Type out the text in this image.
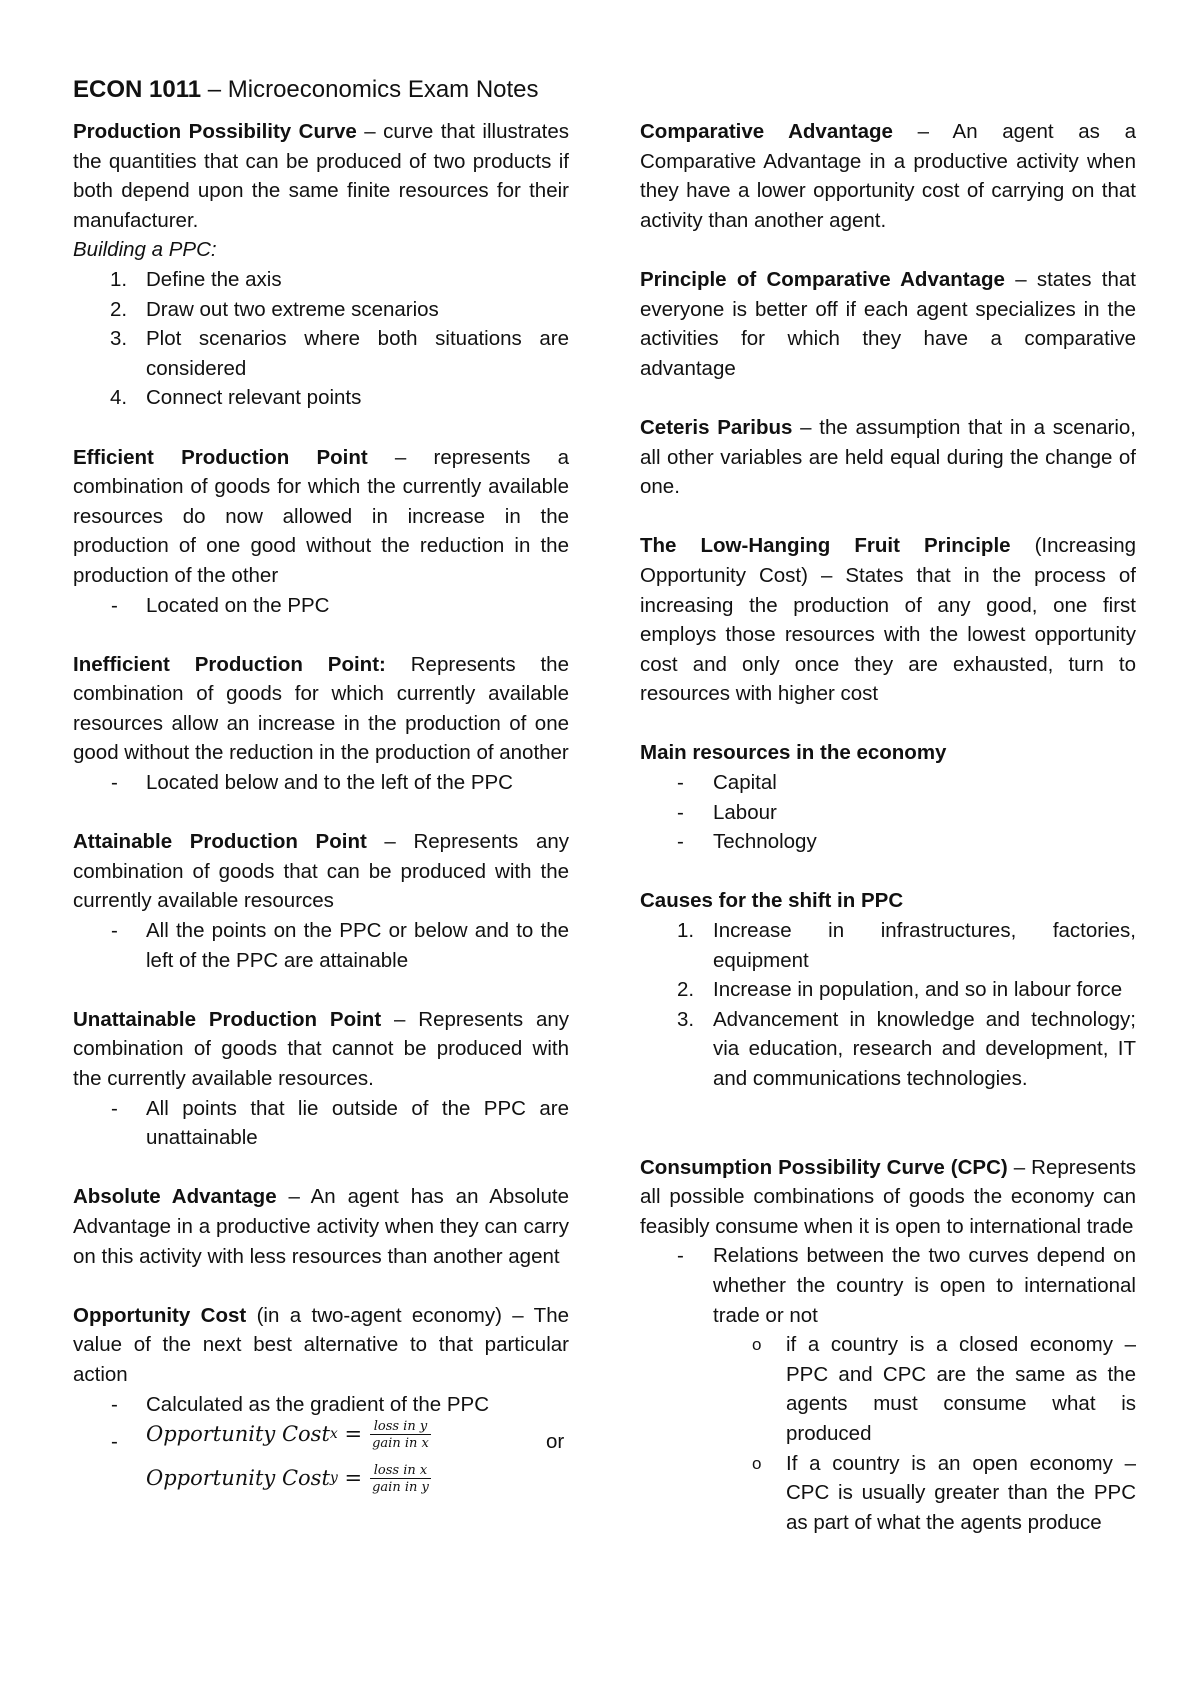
ECON 1011 – Microeconomics Exam Notes
Production Possibility Curve – curve that illustrates the quantities that can be produced of two products if both depend upon the same finite resources for their manufacturer.
Building a PPC:
1. Define the axis
2. Draw out two extreme scenarios
3. Plot scenarios where both situations are considered
4. Connect relevant points
Efficient Production Point – represents a combination of goods for which the currently available resources do now allowed in increase in the production of one good without the reduction in the production of the other
- Located on the PPC
Inefficient Production Point: Represents the combination of goods for which currently available resources allow an increase in the production of one good without the reduction in the production of another
- Located below and to the left of the PPC
Attainable Production Point – Represents any combination of goods that can be produced with the currently available resources
- All the points on the PPC or below and to the left of the PPC are attainable
Unattainable Production Point – Represents any combination of goods that cannot be produced with the currently available resources.
- All points that lie outside of the PPC are unattainable
Absolute Advantage – An agent has an Absolute Advantage in a productive activity when they can carry on this activity with less resources than another agent
Opportunity Cost (in a two-agent economy) – The value of the next best alternative to that particular action
- Calculated as the gradient of the PPC
- Opportunity Cost $x = \frac{\text{loss in y}}{\text{gain in x}}$	or
Opportunity Cost $y = \frac{\text{loss in x}}{\text{gain in y}}$
Comparative Advantage – An agent as a Comparative Advantage in a productive activity when they have a lower opportunity cost of carrying on that activity than another agent.
Principle of Comparative Advantage – states that everyone is better off if each agent specializes in the activities for which they have a comparative advantage
Ceteris Paribus – the assumption that in a scenario, all other variables are held equal during the change of one.
The Low-Hanging Fruit Principle (Increasing Opportunity Cost) – States that in the process of increasing the production of any good, one first employs those resources with the lowest opportunity cost and only once they are exhausted, turn to resources with higher cost
Main resources in the economy
- Capital
- Labour
- Technology
Causes for the shift in PPC
1. Increase in infrastructures, factories, equipment
2. Increase in population, and so in labour force
3. Advancement in knowledge and technology; via education, research and development, IT and communications technologies.
Consumption Possibility Curve (CPC) – Represents all possible combinations of goods the economy can feasibly consume when it is open to international trade
- Relations between the two curves depend on whether the country is open to international trade or not
o if a country is a closed economy – PPC and CPC are the same as the agents must consume what is produced
o If a country is an open economy – CPC is usually greater than the PPC as part of what the agents produce
